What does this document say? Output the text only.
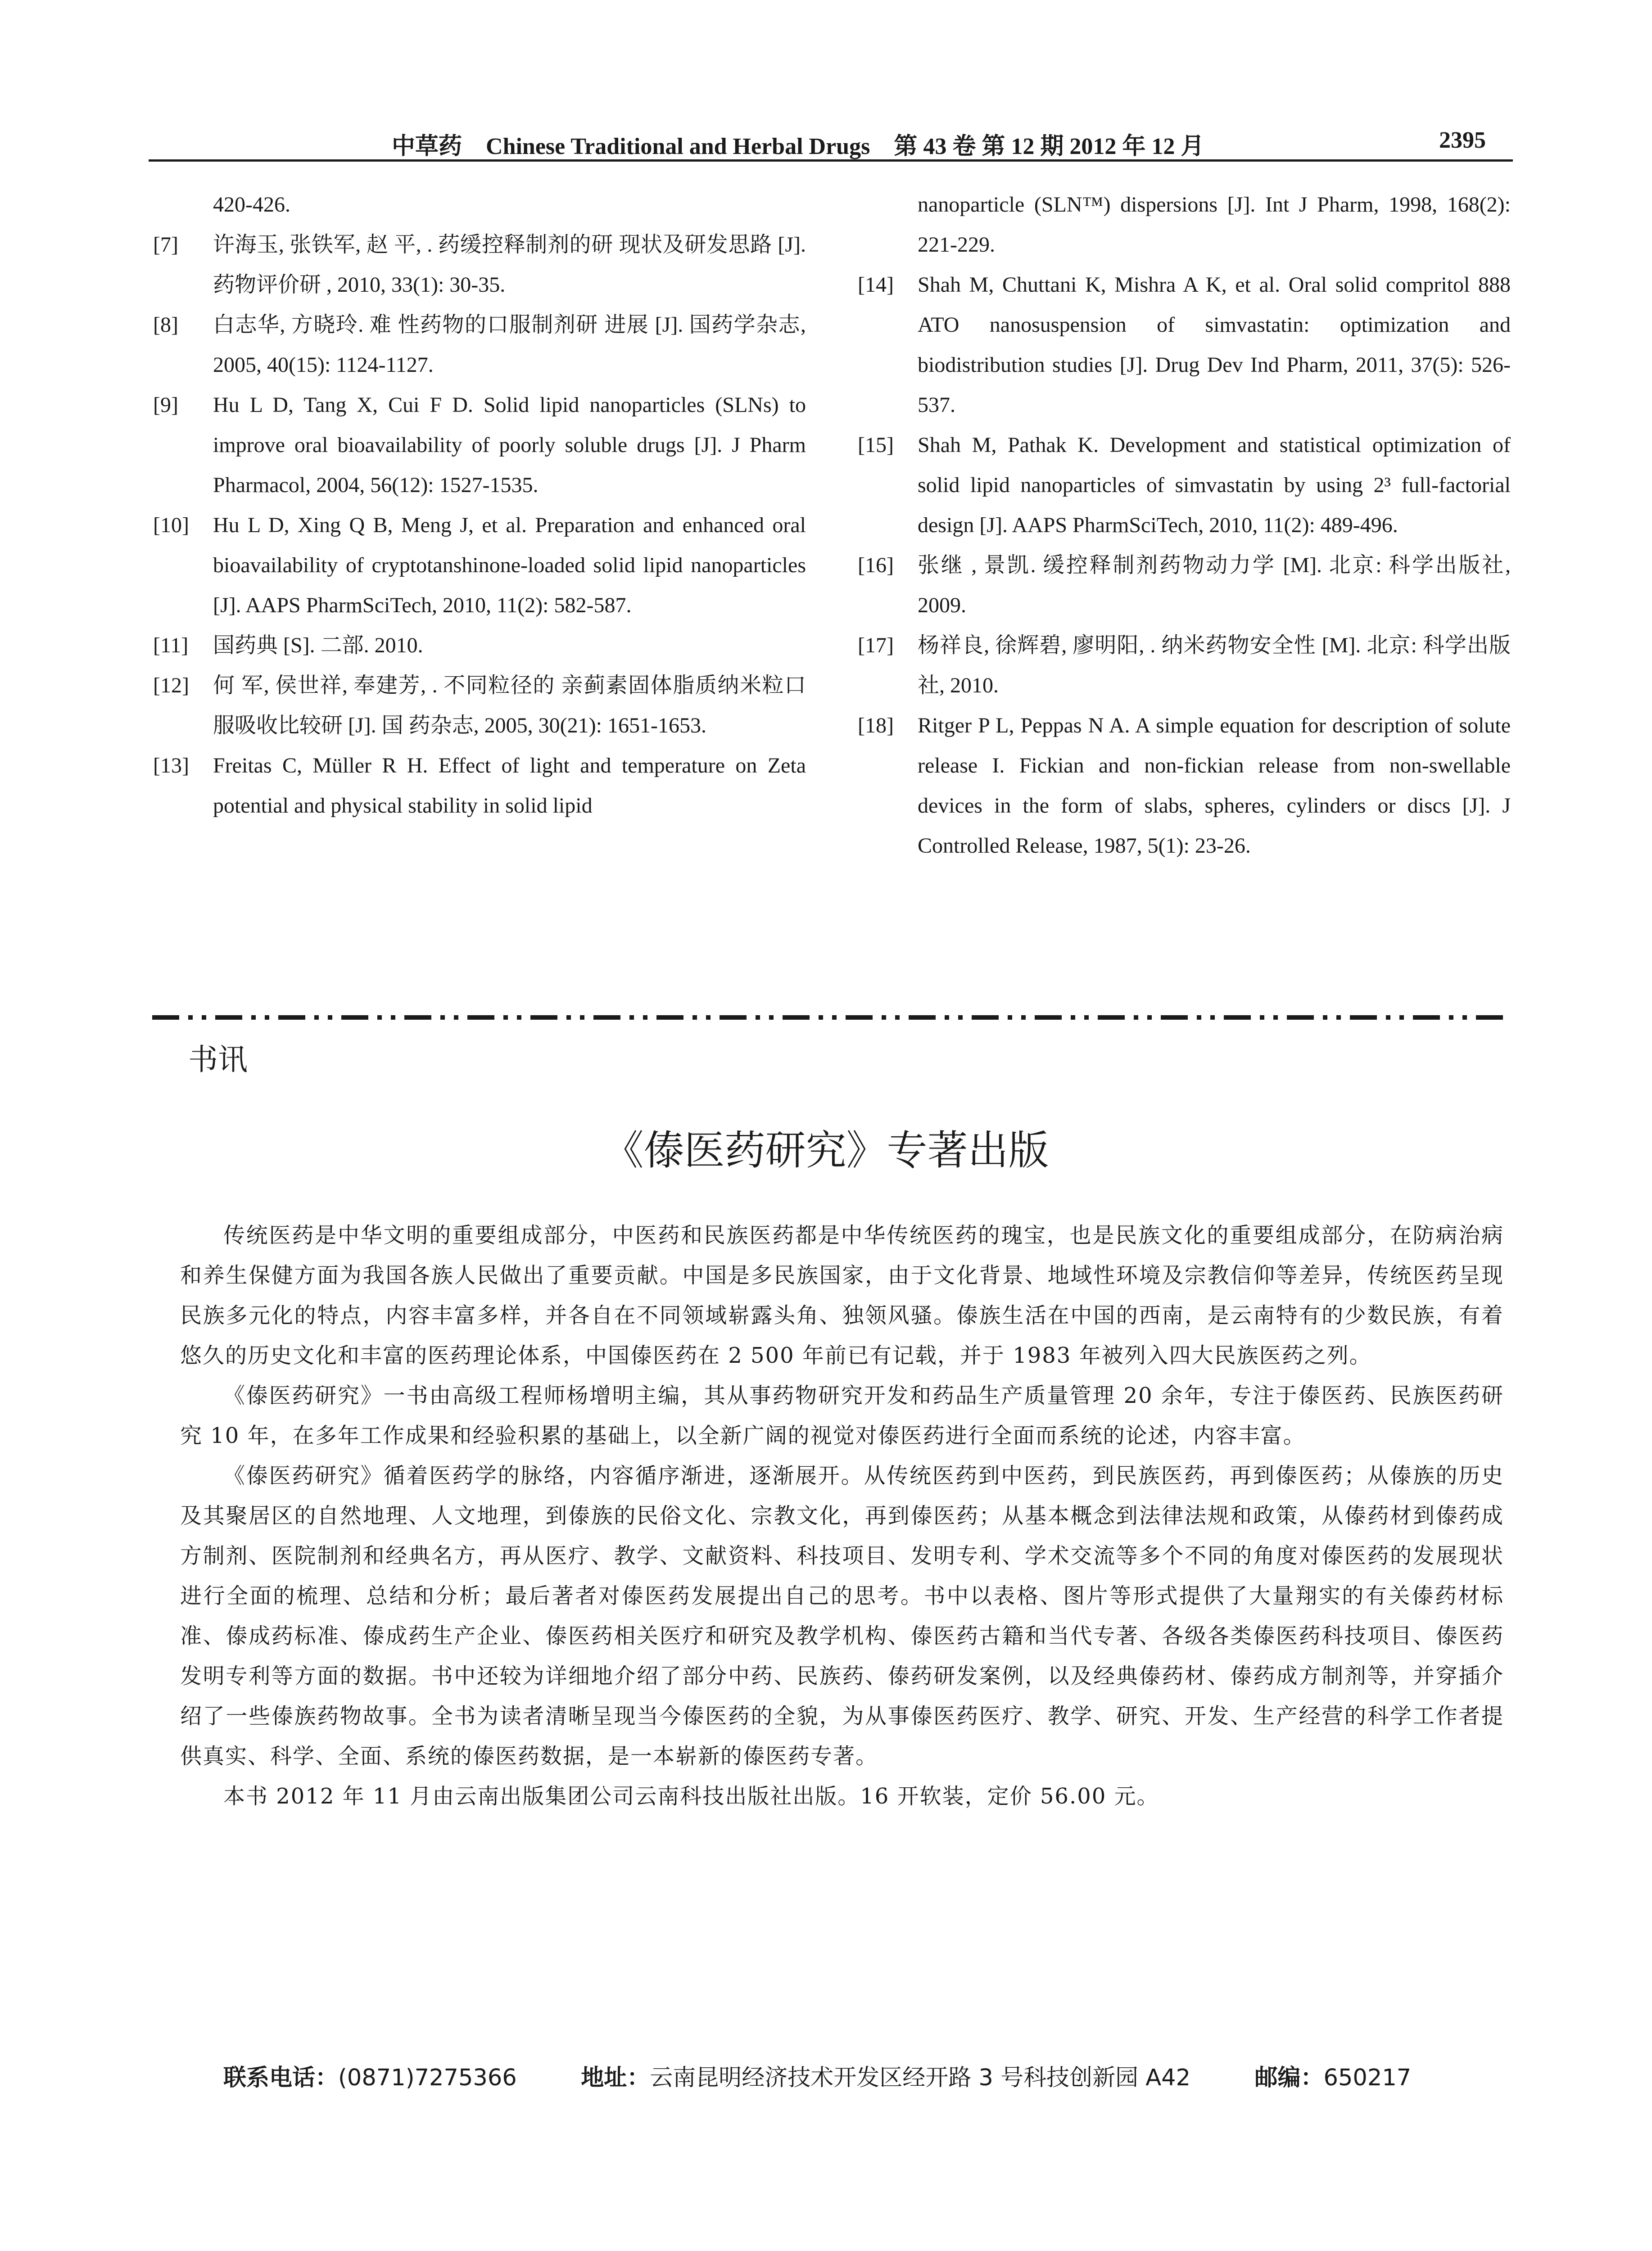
中草药 Chinese Traditional and Herbal Drugs 第 43 卷 第 12 期 2012 年 12 月	2395

420-426.

[7] 许海玉, 张铁军, 赵 平, . 药缓控释制剂的研 现状及研发思路 [J]. 药物评价研 , 2010, 33(1): 30-35.

[8] 白志华, 方晓玲. 难 性药物的口服制剂研 进展 [J]. 国药学杂志, 2005, 40(15): 1124-1127.

[9] Hu L D, Tang X, Cui F D. Solid lipid nanoparticles (SLNs) to improve oral bioavailability of poorly soluble drugs [J]. J Pharm Pharmacol, 2004, 56(12): 1527-1535.

[10] Hu L D, Xing Q B, Meng J, et al. Preparation and enhanced oral bioavailability of cryptotanshinone-loaded solid lipid nanoparticles [J]. AAPS PharmSciTech, 2010, 11(2): 582-587.

[11] 国药典 [S]. 二部. 2010.

[12] 何 军, 侯世祥, 奉建芳, . 不同粒径的 亲蓟素固体脂质纳米粒口服吸收比较研 [J]. 国 药杂志, 2005, 30(21): 1651-1653.

[13] Freitas C, Müller R H. Effect of light and temperature on Zeta potential and physical stability in solid lipid

nanoparticle (SLN™) dispersions [J]. Int J Pharm, 1998, 168(2): 221-229.

[14] Shah M, Chuttani K, Mishra A K, et al. Oral solid compritol 888 ATO nanosuspension of simvastatin: optimization and biodistribution studies [J]. Drug Dev Ind Pharm, 2011, 37(5): 526-537.

[15] Shah M, Pathak K. Development and statistical optimization of solid lipid nanoparticles of simvastatin by using 2³ full-factorial design [J]. AAPS PharmSciTech, 2010, 11(2): 489-496.

[16] 张继 , 景凯. 缓控释制剂药物动力学 [M]. 北京: 科学出版社, 2009.

[17] 杨祥良, 徐辉碧, 廖明阳, . 纳米药物安全性 [M]. 北京: 科学出版社, 2010.

[18] Ritger P L, Peppas N A. A simple equation for description of solute release I. Fickian and non-fickian release from non-swellable devices in the form of slabs, spheres, cylinders or discs [J]. J Controlled Release, 1987, 5(1): 23-26.

书讯
《傣医药研究》专著出版

传统医药是中华文明的重要组成部分，中医药和民族医药都是中华传统医药的瑰宝，也是民族文化的重要组成部分，在防病治病和养生保健方面为我国各族人民做出了重要贡献。中国是多民族国家，由于文化背景、地域性环境及宗教信仰等差异，传统医药呈现民族多元化的特点，内容丰富多样，并各自在不同领域崭露头角、独领风骚。傣族生活在中国的西南，是云南特有的少数民族，有着悠久的历史文化和丰富的医药理论体系，中国傣医药在 2 500 年前已有记载，并于 1983 年被列入四大民族医药之列。

《傣医药研究》一书由高级工程师杨增明主编，其从事药物研究开发和药品生产质量管理 20 余年，专注于傣医药、民族医药研究 10 年，在多年工作成果和经验积累的基础上，以全新广阔的视觉对傣医药进行全面而系统的论述，内容丰富。

《傣医药研究》循着医药学的脉络，内容循序渐进，逐渐展开。从传统医药到中医药，到民族医药，再到傣医药；从傣族的历史及其聚居区的自然地理、人文地理，到傣族的民俗文化、宗教文化，再到傣医药；从基本概念到法律法规和政策，从傣药材到傣药成方制剂、医院制剂和经典名方，再从医疗、教学、文献资料、科技项目、发明专利、学术交流等多个不同的角度对傣医药的发展现状进行全面的梳理、总结和分析；最后著者对傣医药发展提出自己的思考。书中以表格、图片等形式提供了大量翔实的有关傣药材标准、傣成药标准、傣成药生产企业、傣医药相关医疗和研究及教学机构、傣医药古籍和当代专著、各级各类傣医药科技项目、傣医药发明专利等方面的数据。书中还较为详细地介绍了部分中药、民族药、傣药研发案例，以及经典傣药材、傣药成方制剂等，并穿插介绍了一些傣族药物故事。全书为读者清晰呈现当今傣医药的全貌，为从事傣医药医疗、教学、研究、开发、生产经营的科学工作者提供真实、科学、全面、系统的傣医药数据，是一本崭新的傣医药专著。

本书 2012 年 11 月由云南出版集团公司云南科技出版社出版。16 开软装，定价 56.00 元。

联系电话：(0871)7275366	地址：云南昆明经济技术开发区经开路 3 号科技创新园 A42	邮编：650217
